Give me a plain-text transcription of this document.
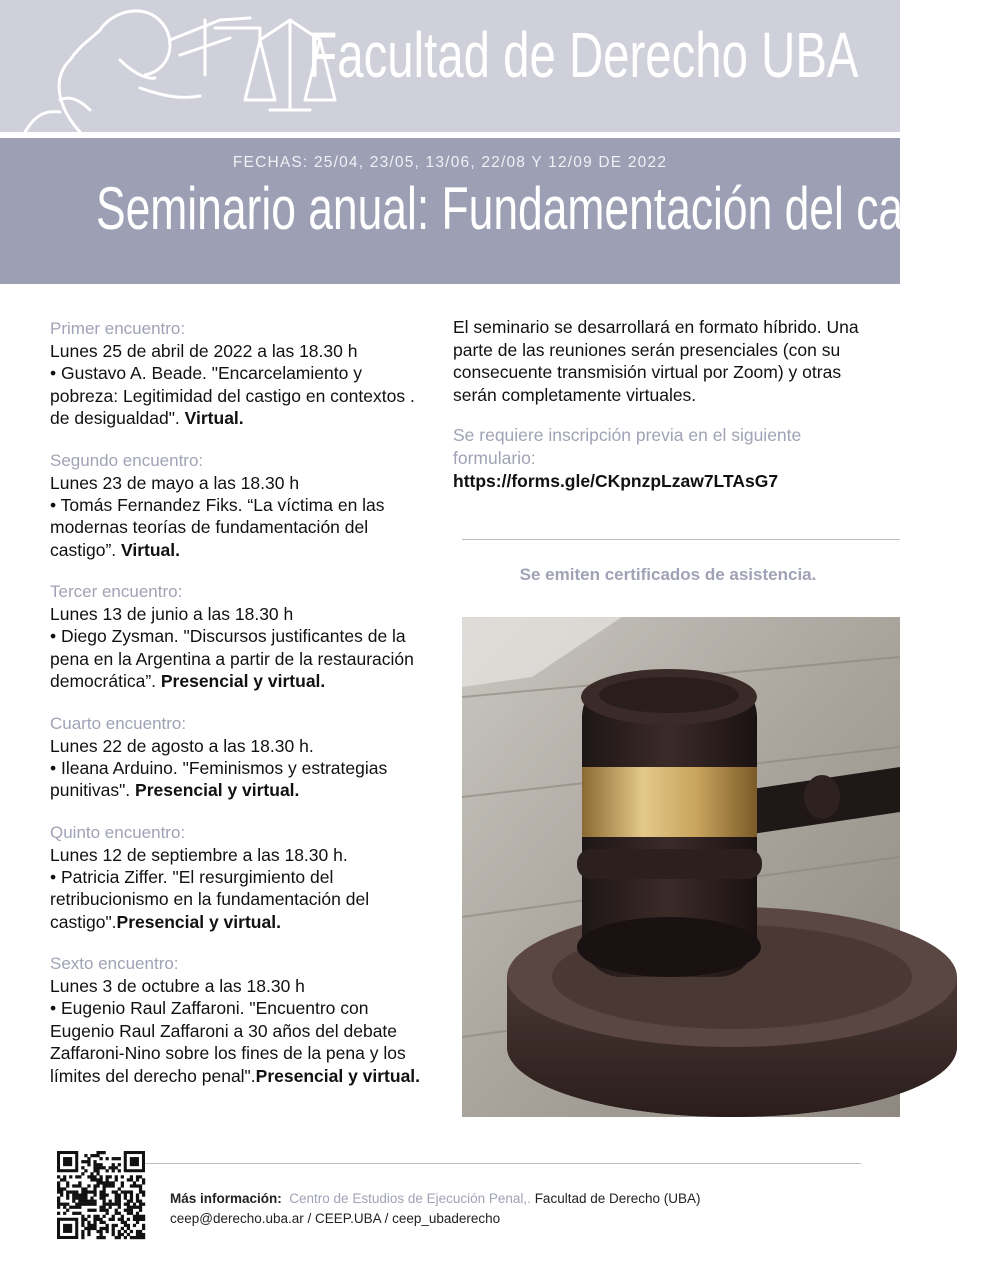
Facultad de Derecho UBA
FECHAS: 25/04, 23/05, 13/06, 22/08 Y 12/09 DE 2022
Seminario anual: Fundamentación del castigo
Primer encuentro:
Lunes 25 de abril de 2022 a las 18.30 h
• Gustavo A. Beade. "Encarcelamiento y pobreza: Legitimidad del castigo en contextos . de desigualdad". Virtual.
Segundo encuentro:
Lunes 23 de mayo a las 18.30 h
• Tomás Fernandez Fiks. “La víctima en las modernas teorías de fundamentación del castigo”. Virtual.
Tercer encuentro:
Lunes 13 de junio a las 18.30 h
• Diego Zysman. "Discursos justificantes de la pena en la Argentina a partir de la restauración democrática”. Presencial y virtual.
Cuarto encuentro:
Lunes 22 de agosto a las 18.30 h.
• Ileana Arduino. "Feminismos y estrategias punitivas". Presencial y virtual.
Quinto encuentro:
Lunes 12 de septiembre a las 18.30 h.
• Patricia Ziffer. "El resurgimiento del retribucionismo en la fundamentación del castigo".Presencial y virtual.
Sexto encuentro:
Lunes 3 de octubre a las 18.30 h
• Eugenio Raul Zaffaroni. "Encuentro con Eugenio Raul Zaffaroni a 30 años del debate Zaffaroni-Nino sobre los fines de la pena y los límites del derecho penal".Presencial y virtual.
El seminario se desarrollará en formato híbrido. Una parte de las reuniones serán presenciales (con su consecuente transmisión virtual por Zoom) y otras serán completamente virtuales.
Se requiere inscripción previa en el siguiente formulario:
https://forms.gle/CKpnzpLzaw7LTAsG7
Se emiten certificados de asistencia.
Más información: Centro de Estudios de Ejecución Penal,. Facultad de Derecho (UBA)
ceep@derecho.uba.ar / CEEP.UBA / ceep_ubaderecho
